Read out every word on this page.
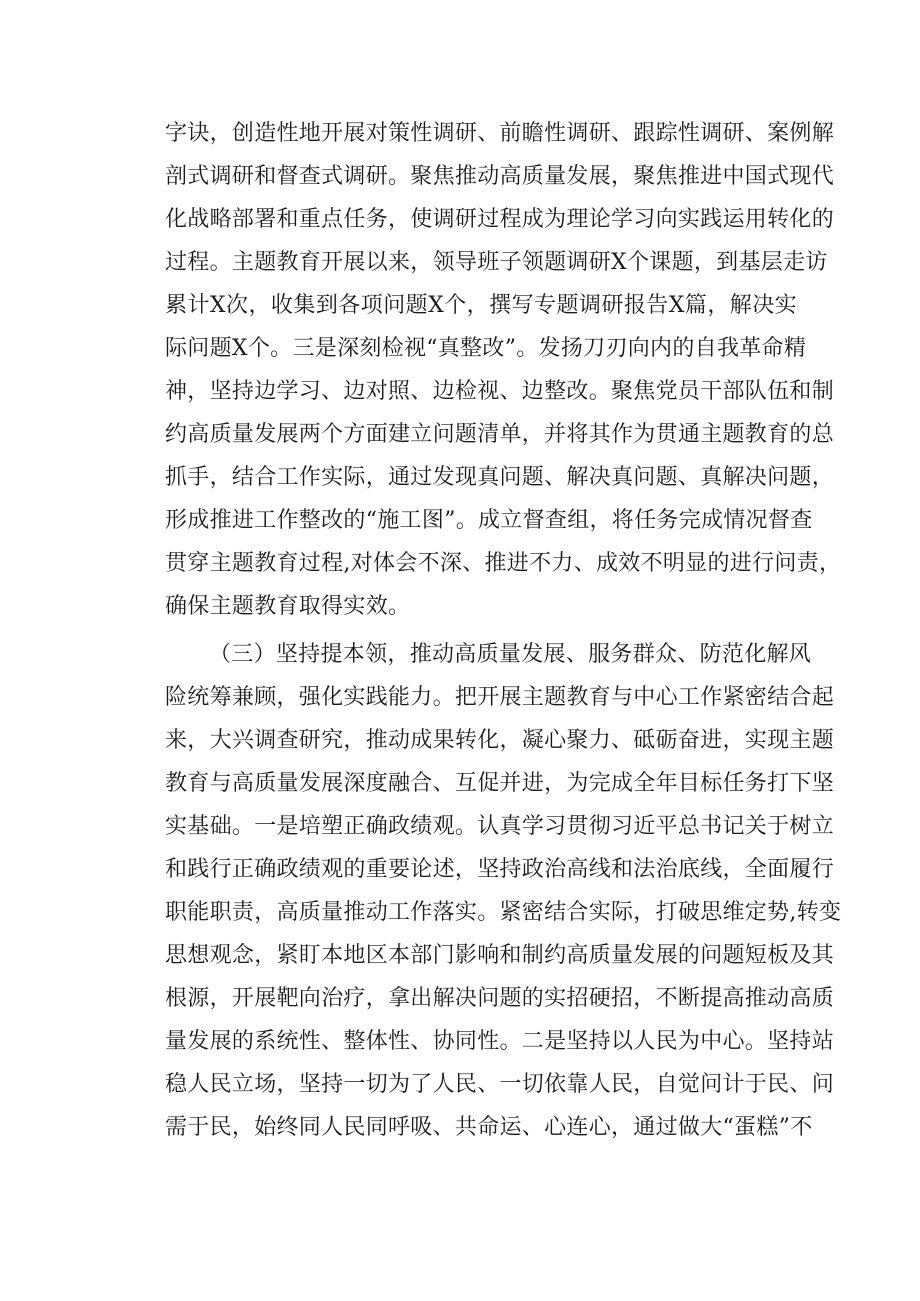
字诀，创造性地开展对策性调研、前瞻性调研、跟踪性调研、案例解
剖式调研和督查式调研。聚焦推动高质量发展，聚焦推进中国式现代
化战略部署和重点任务，使调研过程成为理论学习向实践运用转化的
过程。主题教育开展以来，领导班子领题调研X个课题，到基层走访
累计X次，收集到各项问题X个，撰写专题调研报告X篇，解决实
际问题X个。三是深刻检视“真整改”。发扬刀刃向内的自我革命精
神，坚持边学习、边对照、边检视、边整改。聚焦党员干部队伍和制
约高质量发展两个方面建立问题清单，并将其作为贯通主题教育的总
抓手，结合工作实际，通过发现真问题、解决真问题、真解决问题，
形成推进工作整改的“施工图”。成立督查组，将任务完成情况督查
贯穿主题教育过程,对体会不深、推进不力、成效不明显的进行问责，
确保主题教育取得实效。
（三）坚持提本领，推动高质量发展、服务群众、防范化解风
险统筹兼顾，强化实践能力。把开展主题教育与中心工作紧密结合起
来，大兴调查研究，推动成果转化，凝心聚力、砥砺奋进，实现主题
教育与高质量发展深度融合、互促并进，为完成全年目标任务打下坚
实基础。一是培塑正确政绩观。认真学习贯彻习近平总书记关于树立
和践行正确政绩观的重要论述，坚持政治高线和法治底线，全面履行
职能职责，高质量推动工作落实。紧密结合实际，打破思维定势,转变
思想观念，紧盯本地区本部门影响和制约高质量发展的问题短板及其
根源，开展靶向治疗，拿出解决问题的实招硬招，不断提高推动高质
量发展的系统性、整体性、协同性。二是坚持以人民为中心。坚持站
稳人民立场，坚持一切为了人民、一切依靠人民，自觉问计于民、问
需于民，始终同人民同呼吸、共命运、心连心，通过做大“蛋糕”不
